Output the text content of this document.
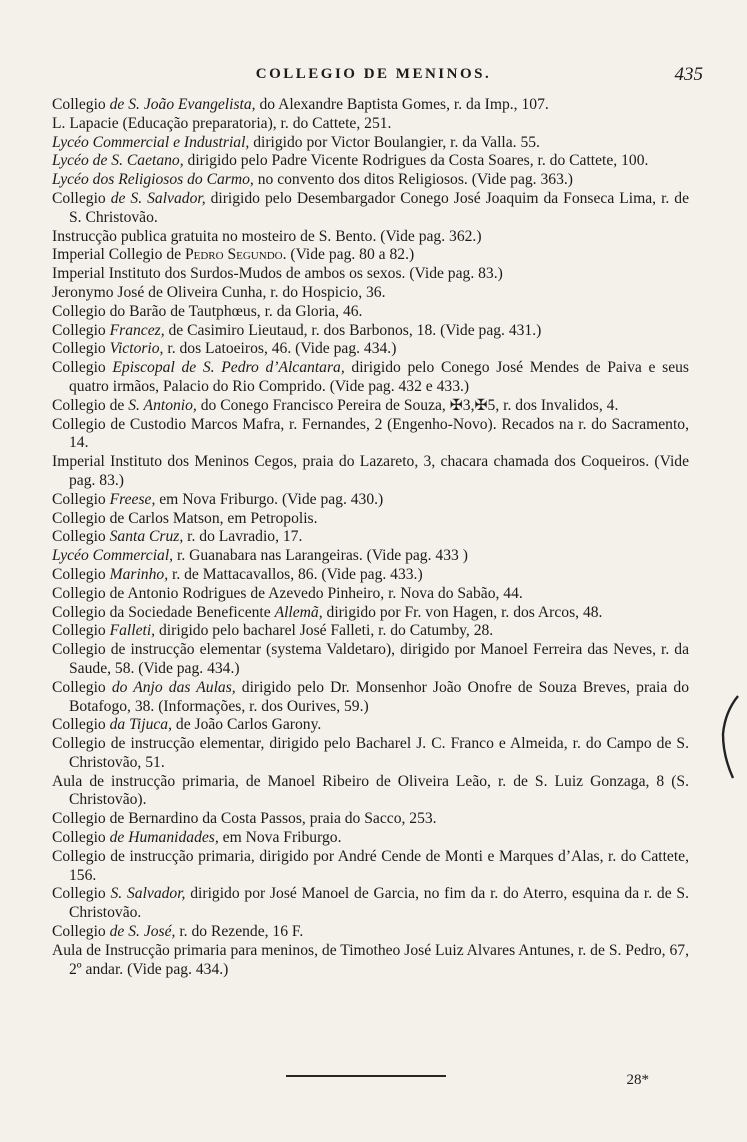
COLLEGIO DE MENINOS.	435
Collegio de S. João Evangelista, do Alexandre Baptista Gomes, r. da Imp., 107.
L. Lapacie (Educação preparatoria), r. do Cattete, 251.
Lycéo Commercial e Industrial, dirigido por Victor Boulangier, r. da Valla. 55.
Lycéo de S. Caetano, dirigido pelo Padre Vicente Rodrigues da Costa Soares, r. do Cattete, 100.
Lycéo dos Religiosos do Carmo, no convento dos ditos Religiosos. (Vide pag. 363.)
Collegio de S. Salvador, dirigido pelo Desembargador Conego José Joaquim da Fonseca Lima, r. de S. Christovão.
Instrucção publica gratuita no mosteiro de S. Bento. (Vide pag. 362.)
Imperial Collegio de Pedro Segundo. (Vide pag. 80 a 82.)
Imperial Instituto dos Surdos-Mudos de ambos os sexos. (Vide pag. 83.)
Jeronymo José de Oliveira Cunha, r. do Hospicio, 36.
Collegio do Barão de Tautphœus, r. da Gloria, 46.
Collegio Francez, de Casimiro Lieutaud, r. dos Barbonos, 18. (Vide pag. 431.)
Collegio Victorio, r. dos Latoeiros, 46. (Vide pag. 434.)
Collegio Episcopal de S. Pedro d’Alcantara, dirigido pelo Conego José Mendes de Paiva e seus quatro irmãos, Palacio do Rio Comprido. (Vide pag. 432 e 433.)
Collegio de S. Antonio, do Conego Francisco Pereira de Souza, ✠3,✠5, r. dos Invalidos, 4.
Collegio de Custodio Marcos Mafra, r. Fernandes, 2 (Engenho-Novo). Recados na r. do Sacramento, 14.
Imperial Instituto dos Meninos Cegos, praia do Lazareto, 3, chacara chamada dos Coqueiros. (Vide pag. 83.)
Collegio Freese, em Nova Friburgo. (Vide pag. 430.)
Collegio de Carlos Matson, em Petropolis.
Collegio Santa Cruz, r. do Lavradio, 17.
Lycéo Commercial, r. Guanabara nas Larangeiras. (Vide pag. 433 )
Collegio Marinho, r. de Mattacavallos, 86. (Vide pag. 433.)
Collegio de Antonio Rodrigues de Azevedo Pinheiro, r. Nova do Sabão, 44.
Collegio da Sociedade Beneficente Allemã, dirigido por Fr. von Hagen, r. dos Arcos, 48.
Collegio Falleti, dirigido pelo bacharel José Falleti, r. do Catumby, 28.
Collegio de instrucção elementar (systema Valdetaro), dirigido por Manoel Ferreira das Neves, r. da Saude, 58. (Vide pag. 434.)
Collegio do Anjo das Aulas, dirigido pelo Dr. Monsenhor João Onofre de Souza Breves, praia do Botafogo, 38. (Informações, r. dos Ourives, 59.)
Collegio da Tijuca, de João Carlos Garony.
Collegio de instrucção elementar, dirigido pelo Bacharel J. C. Franco e Almeida, r. do Campo de S. Christovão, 51.
Aula de instrucção primaria, de Manoel Ribeiro de Oliveira Leão, r. de S. Luiz Gonzaga, 8 (S. Christovão).
Collegio de Bernardino da Costa Passos, praia do Sacco, 253.
Collegio de Humanidades, em Nova Friburgo.
Collegio de instrucção primaria, dirigido por André Cende de Monti e Marques d’Alas, r. do Cattete, 156.
Collegio S. Salvador, dirigido por José Manoel de Garcia, no fim da r. do Aterro, esquina da r. de S. Christovão.
Collegio de S. José, r. do Rezende, 16 F.
Aula de Instrucção primaria para meninos, de Timotheo José Luiz Alvares Antunes, r. de S. Pedro, 67, 2º andar. (Vide pag. 434.)
28*
